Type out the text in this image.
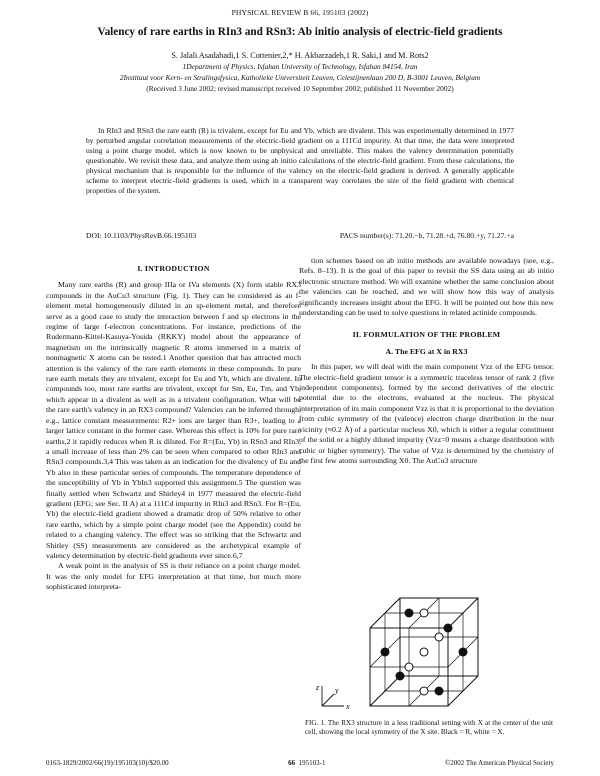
PHYSICAL REVIEW B 66, 195103 (2002)
Valency of rare earths in RIn3 and RSn3: Ab initio analysis of electric-field gradients
S. Jalali Asadabadi,1 S. Cottenier,2,* H. Akbarzadeh,1 R. Saki,1 and M. Rots2
1Department of Physics, Isfahan University of Technology, Isfahan 84154, Iran
2Instituut voor Kern- en Stralingsfysica, Katholieke Universiteit Leuven, Celestijnenlaan 200 D, B-3001 Leuven, Belgium
(Received 3 June 2002; revised manuscript received 10 September 2002; published 11 November 2002)

In RIn3 and RSn3 the rare earth (R) is trivalent, except for Eu and Yb, which are divalent. This was experimentally determined in 1977 by perturbed angular correlation measurements of the electric-field gradient on a 111Cd impurity. At that time, the data were interpreted using a point charge model, which is now known to be unphysical and unreliable. This makes the valency determination potentially questionable. We revisit these data, and analyze them using ab initio calculations of the electric-field gradient. From these calculations, the physical mechanism that is responsible for the influence of the valency on the electric-field gradient is derived. A generally applicable scheme to interpret electric-field gradients is used, which in a transparent way correlates the size of the field gradient with chemical properties of the system.

DOI: 10.1103/PhysRevB.66.195103	PACS number(s): 71.20.−b, 71.28.+d, 76.80.+y, 71.27.+a
I. INTRODUCTION

Many rare earths (R) and group IIIa or IVa elements (X) form stable RX3 compounds in the AuCu3 structure (Fig. 1). They can be considered as an f-element metal homogeneously diluted in an sp-element metal, and therefore serve as a good case to study the interaction between f and sp electrons in the regime of large f-electron concentrations. For instance, predictions of the Rudermann-Kittel-Kasuya-Yosida (RKKY) model about the appearance of magnetism on the intrinsically magnetic R atoms immersed in a matrix of nonmagnetic X atoms can be tested.1 Another question that has attracted much attention is the valency of the rare earth elements in these compounds. In pure rare earth metals they are trivalent, except for Eu and Yb, which are divalent. In compounds too, most rare earths are trivalent, except for Sm, Eu, Tm, and Yb, which appear in a divalent as well as in a trivalent configuration. What will be the rare earth's valency in an RX3 compound? Valencies can be inferred through, e.g., lattice constant measurements: R2+ ions are larger than R3+, leading to a larger lattice constant in the former case. Whereas this effect is 10% for pure rare earths,2 it rapidly reduces when R is diluted. For R=(Eu, Yb) in RSn3 and RIn3, a small increase of less than 2% can be seen when compared to other RIn3 and RSn3 compounds.3,4 This was taken as an indication for the divalency of Eu and Yb also in these particular series of compounds. The temperature dependence of the susceptibility of Yb in YbIn3 supported this assignment.5 The question was finally settled when Schwartz and Shirley4 in 1977 measured the electric-field gradient (EFG; see Sec. II A) at a 111Cd impurity in RIn3 and RSn3. For R=(Eu, Yb) the electric-field gradient showed a dramatic drop of 50% relative to other rare earths, which by a simple point charge model (see the Appendix) could be related to a changing valency. The effect was so striking that the Schwartz and Shirley (SS) measurements are considered as the archetypical example of valency determination by electric-field gradients ever since.6,7

A weak point in the analysis of SS is their reliance on a point charge model. It was the only model for EFG interpretation at that time, but much more sophisticated interpreta-

tion schemes based on ab initio methods are available nowadays (see, e.g., Refs. 8–13). It is the goal of this paper to revisit the SS data using an ab initio electronic structure method. We will examine whether the same conclusion about the valencies can be reached, and we will show how this way of analysis significantly increases insight about the EFG. It will be pointed out how this new understanding can be used to solve questions in related actinide compounds.

II. FORMULATION OF THE PROBLEM
A. The EFG at X in RX3

In this paper, we will deal with the main component Vzz of the EFG tensor. The electric-field gradient tensor is a symmetric traceless tensor of rank 2 (five independent components), formed by the second derivatives of the electric potential due to the electrons, evaluated at the nucleus. The physical interpretation of its main component Vzz is that it is proportional to the deviation from cubic symmetry of the (valence) electron charge distribution in the near vicinity (≈0.2 Å) of a particular nucleus X0, which is either a regular constituent of the solid or a highly diluted impurity (Vzz=0 means a charge distribution with cubic or higher symmetry). The value of Vzz is determined by the chemistry of the first few atoms surrounding X0. The AuCu3 structure

z
x
y
FIG. 1. The RX3 structure in a less traditional setting with X at the center of the unit cell, showing the local symmetry of the X site. Black = R, white = X.
0163-1829/2002/66(19)/195103(10)/$20.00	66 195103-1	©2002 The American Physical Society
